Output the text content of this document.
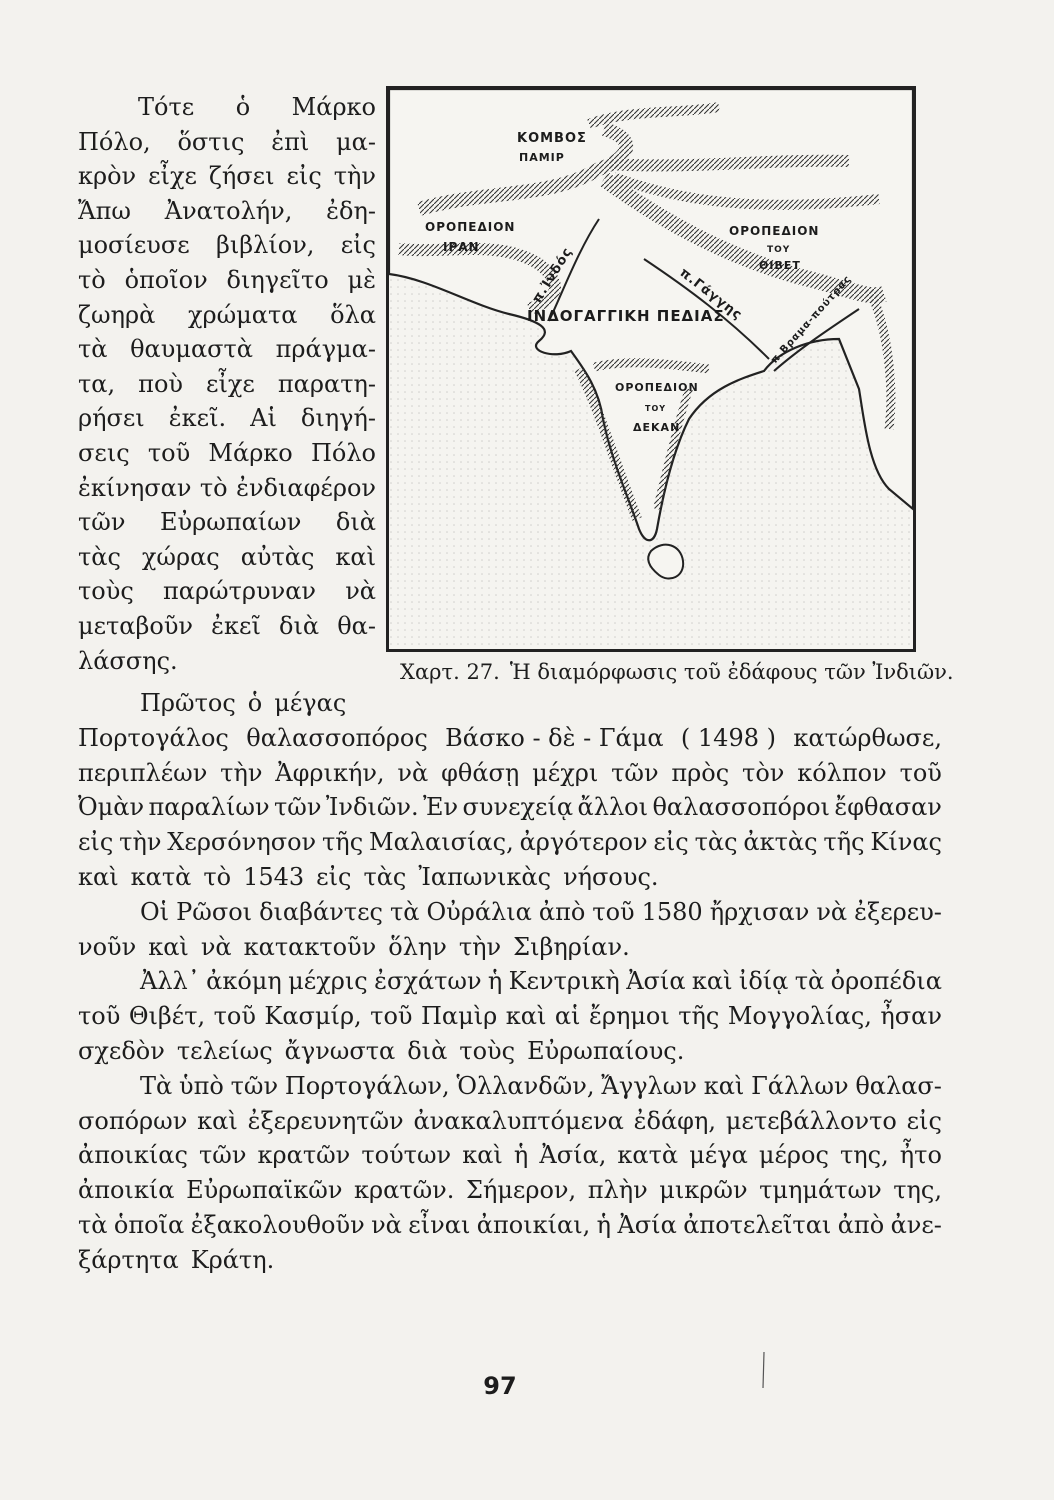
Τότε ὁ Μάρκο
Πόλο, ὅστις ἐπὶ μα-
κρὸν εἶχε ζήσει εἰς τὴν
Ἄπω Ἀνατολήν, ἐδη-
μοσίευσε βιβλίον, εἰς
τὸ ὁποῖον διηγεῖτο μὲ
ζωηρὰ χρώματα ὅλα
τὰ θαυμαστὰ πράγμα-
τα, ποὺ εἶχε παρατη-
ρήσει ἐκεῖ. Αἱ διηγή-
σεις τοῦ Μάρκο Πόλο
ἐκίνησαν τὸ ἐνδιαφέρον
τῶν Εὐρωπαίων διὰ
τὰς χώρας αὐτὰς καὶ
τοὺς παρώτρυναν νὰ
μεταβοῦν ἐκεῖ διὰ θα-
λάσσης.
ΚΟΜΒΟΣ
ΠΑΜΙΡ
ΟΡΟΠΕΔΙΟΝ
ΙΡΑΝ
ΟΡΟΠΕΔΙΟΝ
ΤΟΥ
ΘΙΒΕΤ
π.Ἰνδός	π.Γάγγης π.Βραμα-πούτρας
ΙΝΔΟΓΑΓΓΙΚΗ ΠΕΔΙΑΣ
ΟΡΟΠΕΔΙΟΝ
ΤΟΥ
ΔΕΚΑΝ
Χαρτ. 27. Ἡ διαμόρφωσις τοῦ ἐδάφους τῶν Ἰνδιῶν.
Πρῶτος ὁ μέγας
Πορτογάλος θαλασσοπόρος Βάσκο - δὲ - Γάμα ( 1498 ) κατώρθωσε,
περιπλέων τὴν Ἀφρικήν, νὰ φθάσῃ μέχρι τῶν πρὸς τὸν κόλπον τοῦ
Ὀμὰν παραλίων τῶν Ἰνδιῶν. Ἐν συνεχείᾳ ἄλλοι θαλασσοπόροι ἔφθασαν
εἰς τὴν Χερσόνησον τῆς Μαλαισίας, ἀργότερον εἰς τὰς ἀκτὰς τῆς Κίνας
καὶ κατὰ τὸ 1543 εἰς τὰς Ἰαπωνικὰς νήσους.
Οἱ Ρῶσοι διαβάντες τὰ Οὐράλια ἀπὸ τοῦ 1580 ἤρχισαν νὰ ἐξερευ-
νοῦν καὶ νὰ κατακτοῦν ὅλην τὴν Σιβηρίαν.
Ἀλλ᾽ ἀκόμη μέχρις ἐσχάτων ἡ Κεντρικὴ Ἀσία καὶ ἰδίᾳ τὰ ὀροπέδια
τοῦ Θιβέτ, τοῦ Κασμίρ, τοῦ Παμὶρ καὶ αἱ ἔρημοι τῆς Μογγολίας, ἦσαν
σχεδὸν τελείως ἄγνωστα διὰ τοὺς Εὐρωπαίους.
Τὰ ὑπὸ τῶν Πορτογάλων, Ὁλλανδῶν, Ἄγγλων καὶ Γάλλων θαλασ-
σοπόρων καὶ ἐξερευνητῶν ἀνακαλυπτόμενα ἐδάφη, μετεβάλλοντο εἰς
ἀποικίας τῶν κρατῶν τούτων καὶ ἡ Ἀσία, κατὰ μέγα μέρος της, ἦτο
ἀποικία Εὐρωπαϊκῶν κρατῶν. Σήμερον, πλὴν μικρῶν τμημάτων της,
τὰ ὁποῖα ἐξακολουθοῦν νὰ εἶναι ἀποικίαι, ἡ Ἀσία ἀποτελεῖται ἀπὸ ἀνε-
ξάρτητα Κράτη.
97
